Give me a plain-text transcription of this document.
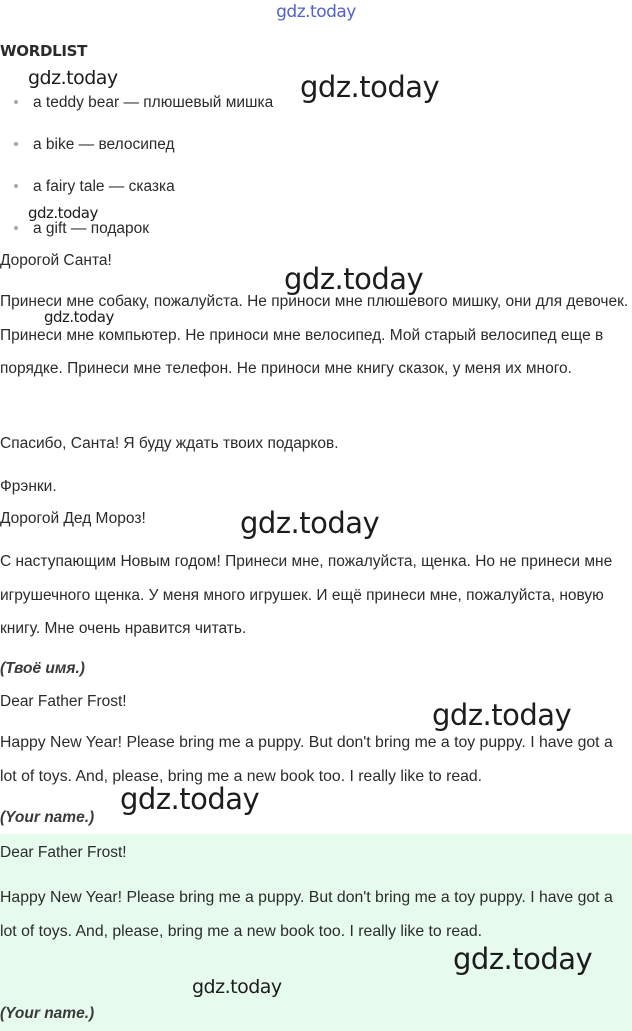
gdz.today
WORDLIST
a teddy bear — плюшевый мишка
a bike — велосипед
a fairy tale — сказка
a gift — подарок

Дорогой Санта!

Принеси мне собаку, пожалуйста. Не приноси мне плюшевого мишку, они для девочек. Принеси мне компьютер. Не приноси мне велосипед. Мой старый велосипед еще в порядке. Принеси мне телефон. Не приноси мне книгу сказок, у меня их много.

Спасибо, Санта! Я буду ждать твоих подарков.

Фрэнки.

Дорогой Дед Мороз!

С наступающим Новым годом! Принеси мне, пожалуйста, щенка. Но не принеси мне игрушечного щенка. У меня много игрушек. И ещё принеси мне, пожалуйста, новую книгу. Мне очень нравится читать.

(Твоё имя.)

Dear Father Frost!

Happy New Year! Please bring me a puppy. But don't bring me a toy puppy. I have got a lot of toys. And, please, bring me a new book too. I really like to read.

(Your name.)

Dear Father Frost!

Happy New Year! Please bring me a puppy. But don't bring me a toy puppy. I have got a lot of toys. And, please, bring me a new book too. I really like to read.

(Your name.)

gdz.today	gdz.today
gdz.today
gdz.today
gdz.today
gdz.today
gdz.today
gdz.today
gdz.today
gdz.today
